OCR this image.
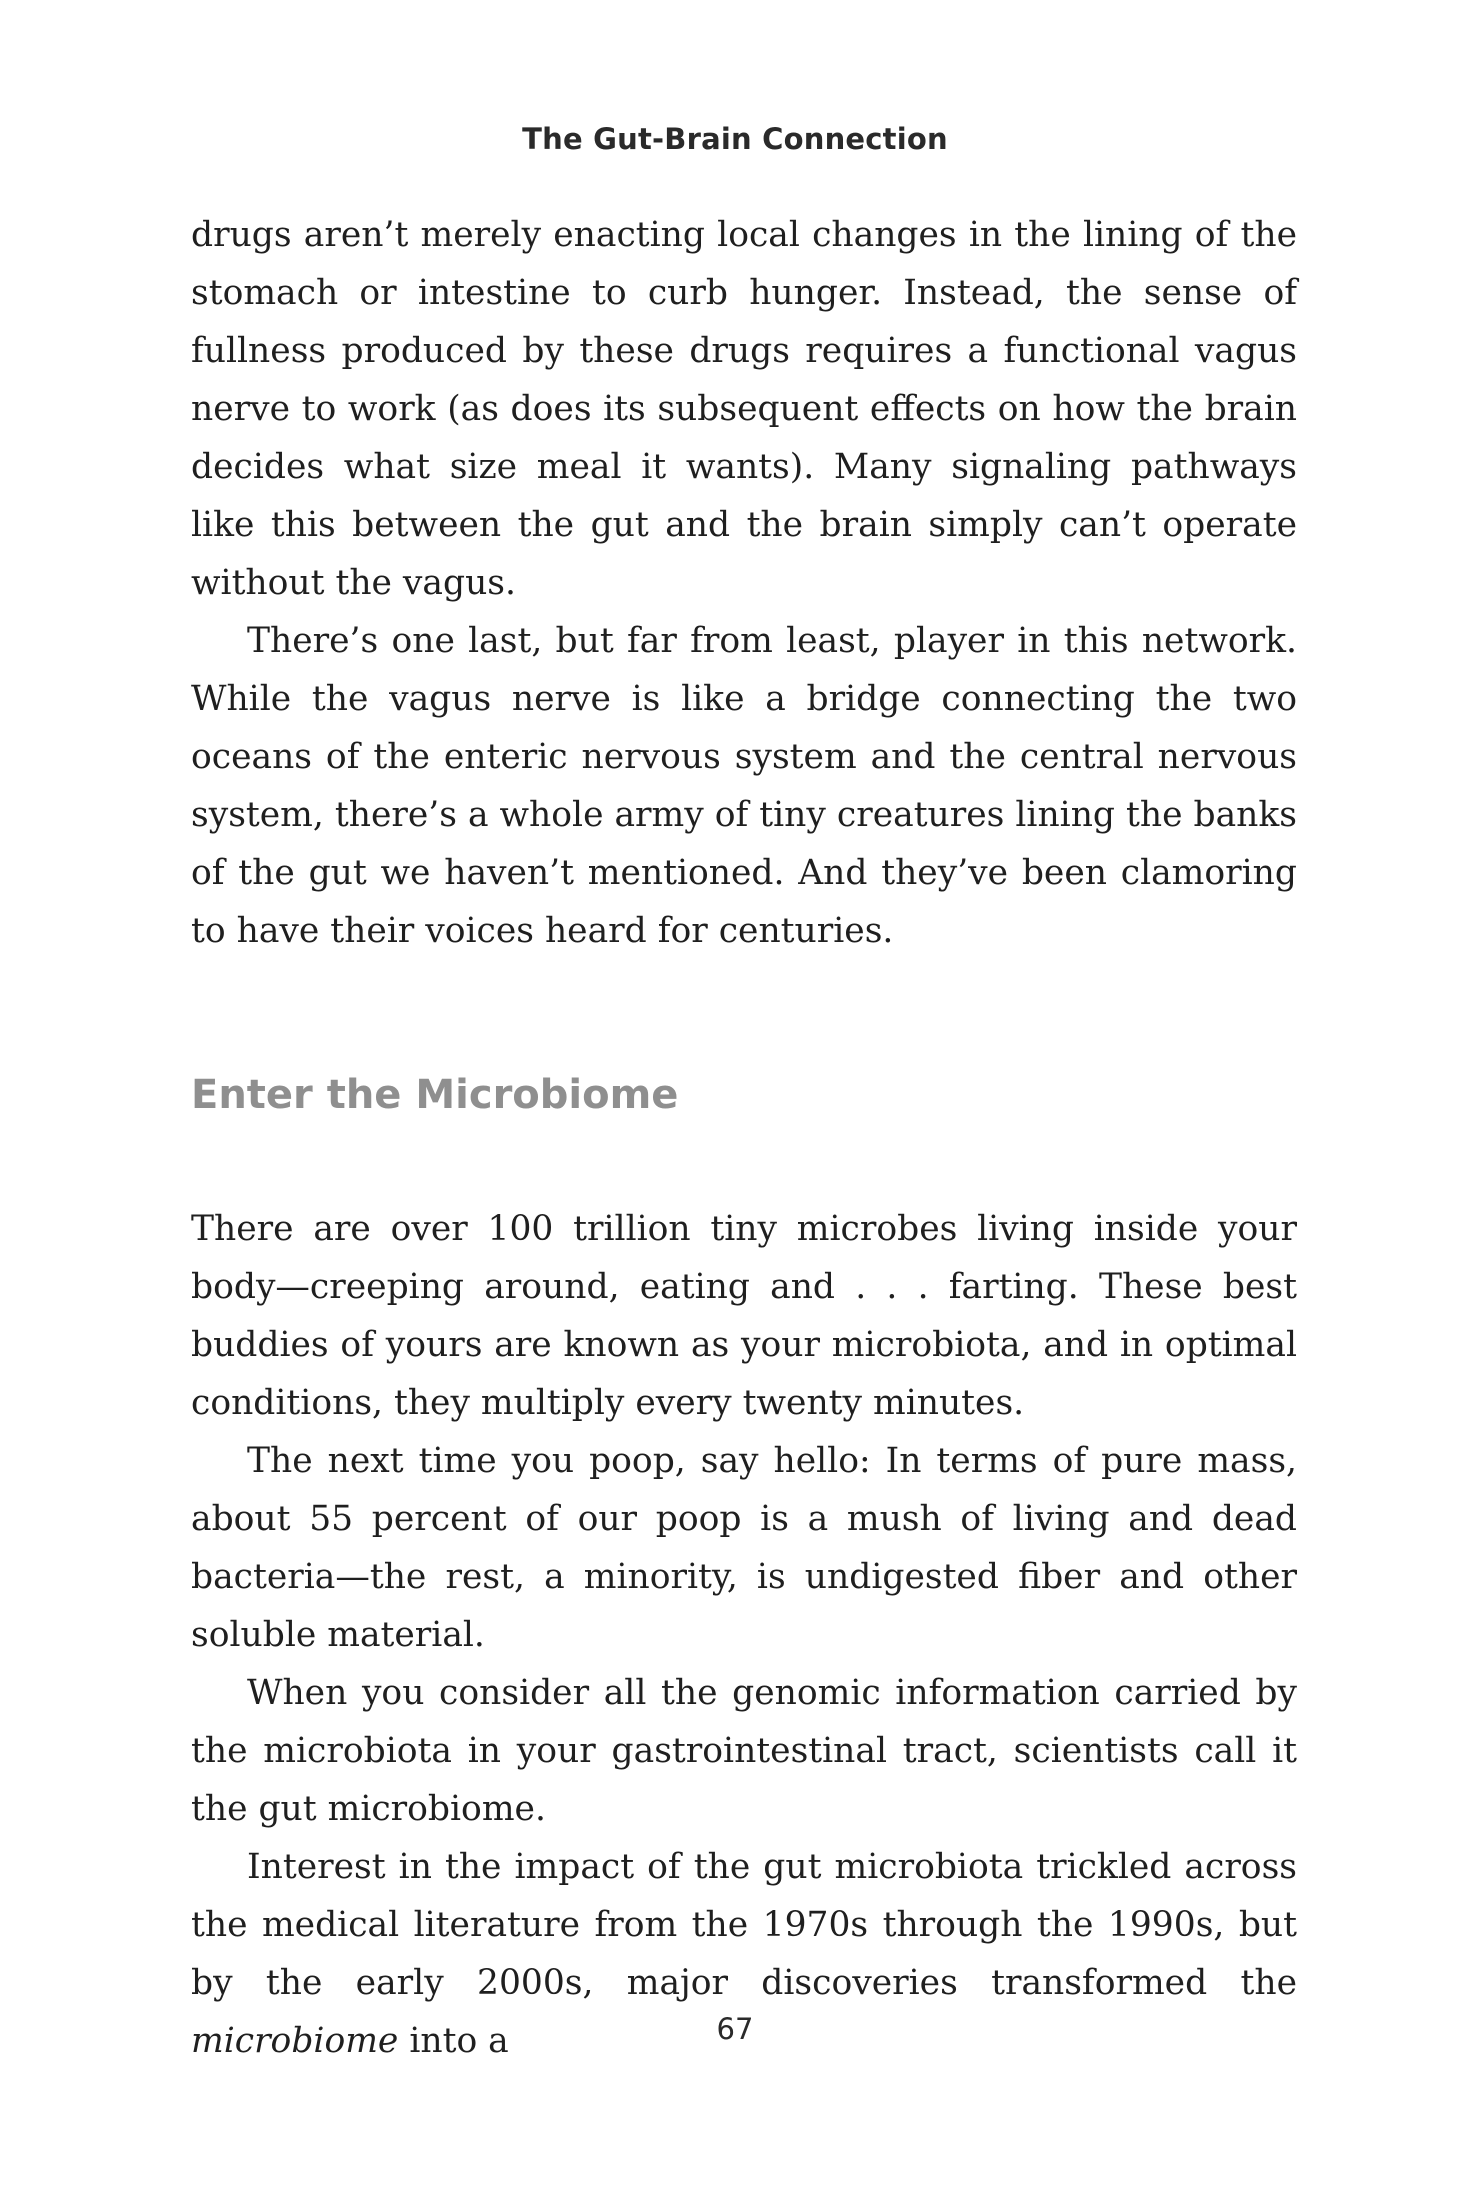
The Gut-Brain Connection

drugs aren’t merely enacting local changes in the lining of the stomach or intestine to curb hunger. Instead, the sense of fullness produced by these drugs requires a functional vagus nerve to work (as does its subsequent effects on how the brain decides what size meal it wants). Many signaling pathways like this between the gut and the brain simply can’t operate without the vagus.

There’s one last, but far from least, player in this network. While the vagus nerve is like a bridge connecting the two oceans of the enteric nervous system and the central nervous system, there’s a whole army of tiny creatures lining the banks of the gut we haven’t mentioned. And they’ve been clamoring to have their voices heard for centuries.

Enter the Microbiome

There are over 100 trillion tiny microbes living inside your body—creeping around, eating and . . . farting. These best buddies of yours are known as your microbiota, and in optimal conditions, they multiply every twenty minutes.

The next time you poop, say hello: In terms of pure mass, about 55 percent of our poop is a mush of living and dead bacteria—the rest, a minority, is undigested fiber and other soluble material.

When you consider all the genomic information carried by the microbiota in your gastrointestinal tract, scientists call it the gut microbiome.

Interest in the impact of the gut microbiota trickled across the medical literature from the 1970s through the 1990s, but by the early 2000s, major discoveries transformed the microbiome into a	67
